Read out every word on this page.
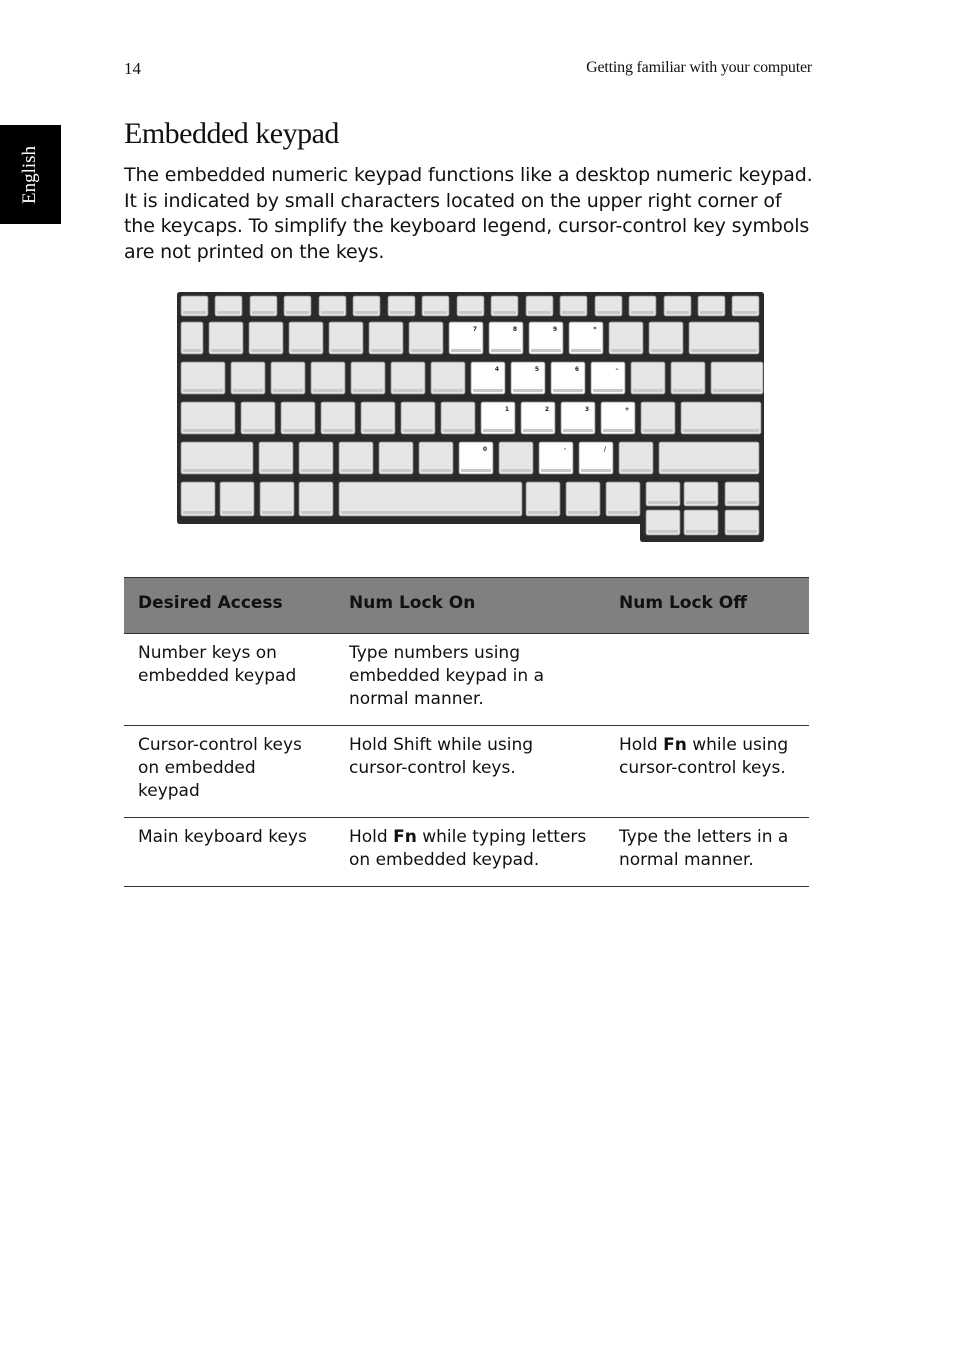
14	Getting familiar with your computer
English
Embedded keypad

The embedded numeric keypad functions like a desktop numeric keypad. It is indicated by small characters located on the upper right corner of the keycaps. To simplify the keyboard legend, cursor-control key symbols are not printed on the keys.

7	8	9	*
4	5	6	–
1	2	3	+
0	·	/
Desired Access	Num Lock On	Num Lock Off
Number keys on embedded keypad	Type numbers using embedded keypad in a normal manner.	
Cursor-control keys on embedded keypad	Hold Shift while using cursor-control keys.	Hold Fn while using cursor-control keys.
Main keyboard keys	Hold Fn while typing letters on embedded keypad.	Type the letters in a normal manner.
